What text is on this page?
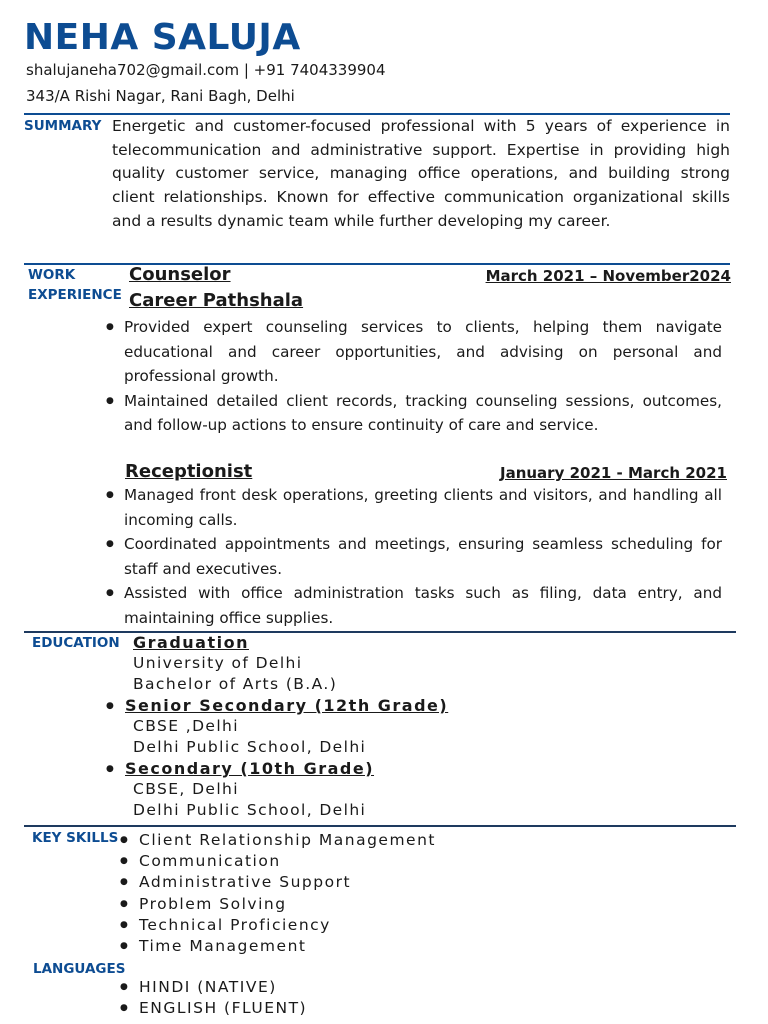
NEHA SALUJA
shalujaneha702@gmail.com | +91 7404339904
343/A Rishi Nagar, Rani Bagh, Delhi
SUMMARY Energetic and customer-focused professional with 5 years of experience in telecommunication and administrative support. Expertise in providing high quality customer service, managing office operations, and building strong client relationships. Known for effective communication organizational skills and a results dynamic team while further developing my career.
WORK
EXPERIENCE
Counselor	March 2021 – November2024
Career Pathshala
● Provided expert counseling services to clients, helping them navigate educational and career opportunities, and advising on personal and professional growth.
● Maintained detailed client records, tracking counseling sessions, outcomes, and follow-up actions to ensure continuity of care and service.
Receptionist	January 2021 - March 2021
● Managed front desk operations, greeting clients and visitors, and handling all incoming calls.
● Coordinated appointments and meetings, ensuring seamless scheduling for staff and executives.
● Assisted with office administration tasks such as filing, data entry, and maintaining office supplies.
EDUCATION Graduation
University of Delhi
Bachelor of Arts (B.A.)
● Senior Secondary (12th Grade)
CBSE ,Delhi
Delhi Public School, Delhi
● Secondary (10th Grade)
CBSE, Delhi
Delhi Public School, Delhi
KEY SKILLS
● Client Relationship Management
● Communication
● Administrative Support
● Problem Solving
● Technical Proficiency
● Time Management
LANGUAGES
● HINDI (NATIVE)
● ENGLISH (FLUENT)
